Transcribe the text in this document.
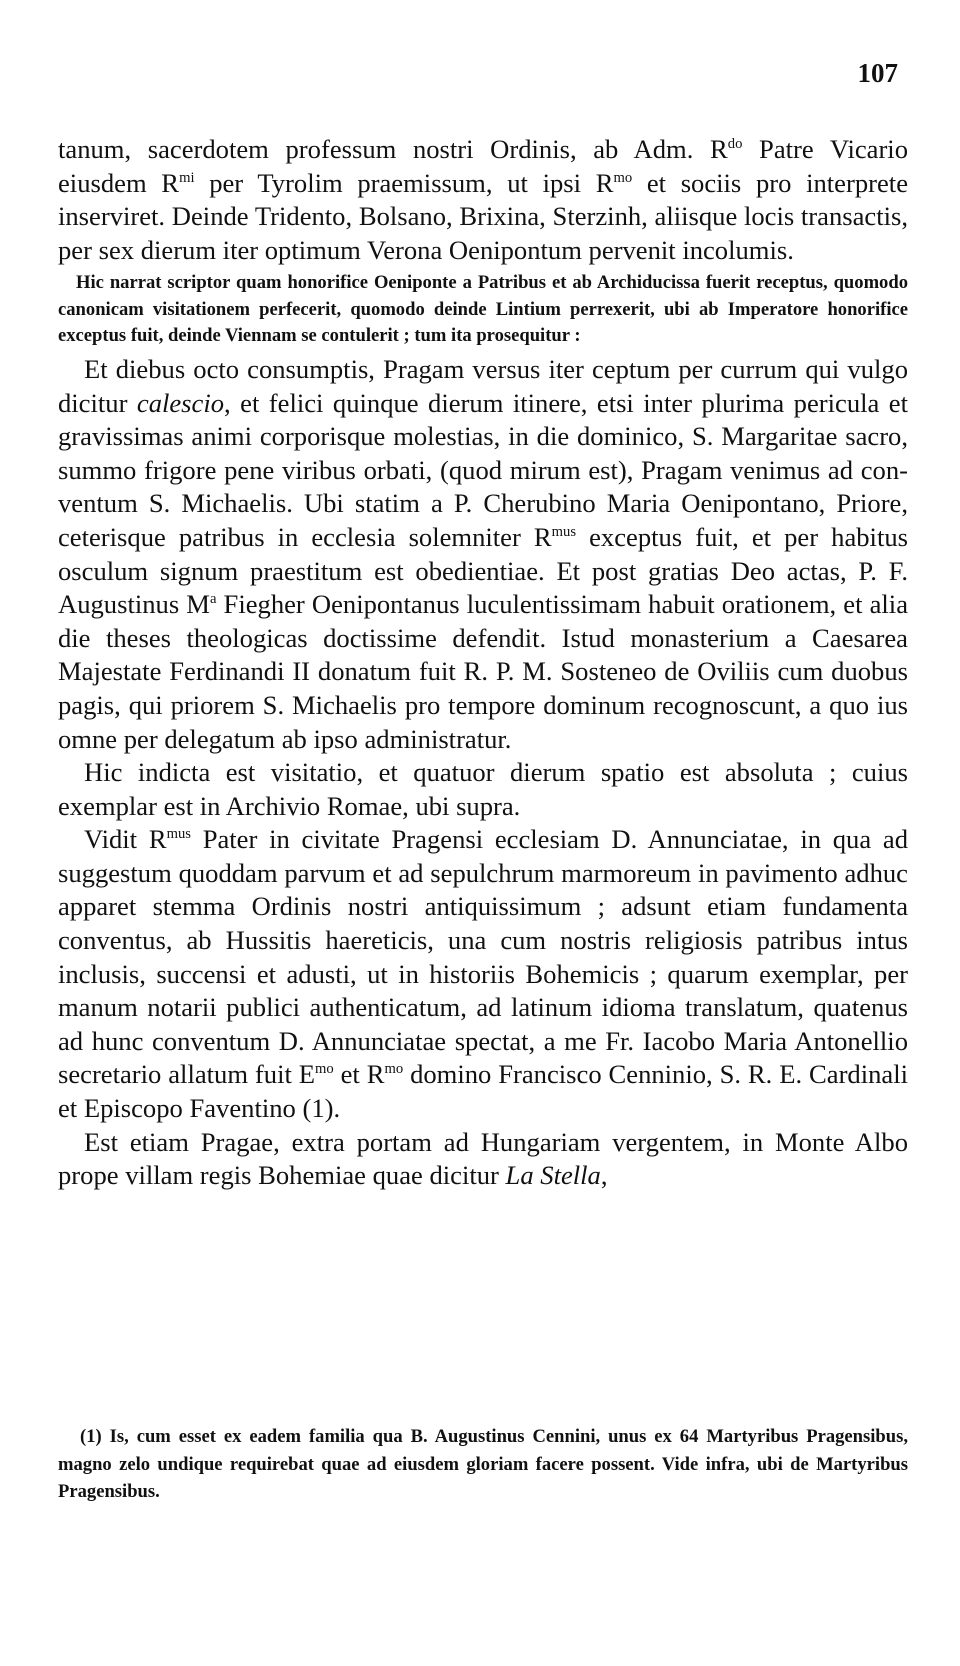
107

tanum, sacerdotem professum nostri Ordinis, ab Adm. $R^{do}$ Patre Vicario eiusdem $R^{mi}$ per Tyrolim praemissum, ut ipsi $R^{mo}$ et sociis pro interprete inserviret. Deinde Tridento, Bolsano, Brixina, Sterzinh, aliisque locis transactis, per sex dierum iter optimum Verona Oenipontum pervenit incolumis.

Hic narrat scriptor quam honorifice Oeniponte a Patribus et ab Archiducissa fuerit receptus, quomodo canonicam visitationem perfecerit, quomodo deinde Lintium perrexerit, ubi ab Imperatore honorifice exceptus fuit, deinde Viennam se contulerit ; tum ita prosequitur :

Et diebus octo consumptis, Pragam versus iter ceptum per currum qui vulgo dicitur calescio, et felici quinque dierum itinere, etsi inter plurima pericula et gravissimas animi corporisque molestias, in die dominico, S. Margaritae sacro, summo frigore pene viribus orbati, (quod mirum est), Pragam venimus ad conventum S. Michaelis. Ubi statim a P. Cherubino Maria Oenipontano, Priore, ceterisque patribus in ecclesia solemniter $R^{mus}$ exceptus fuit, et per habitus osculum signum praestitum est obedientiae. Et post gratias Deo actas, P. F. Augustinus $M^a$ Fiegher Oenipontanus luculentissimam habuit orationem, et alia die theses theologicas doctissime defendit. Istud monasterium a Caesarea Majestate Ferdinandi II donatum fuit R. P. M. Sosteneo de Oviliis cum duobus pagis, qui priorem S. Michaelis pro tempore dominum recognoscunt, a quo ius omne per delegatum ab ipso administratur.

Hic indicta est visitatio, et quatuor dierum spatio est absoluta ; cuius exemplar est in Archivio Romae, ubi supra.

Vidit $R^{mus}$ Pater in civitate Pragensi ecclesiam D. Annunciatae, in qua ad suggestum quoddam parvum et ad sepulchrum marmoreum in pavimento adhuc apparet stemma Ordinis nostri antiquissimum ; adsunt etiam fundamenta conventus, ab Hussitis haereticis, una cum nostris religiosis patribus intus inclusis, succensi et adusti, ut in historiis Bohemicis ; quarum exemplar, per manum notarii publici authenticatum, ad latinum idioma translatum, quatenus ad hunc conventum D. Annunciatae spectat, a me Fr. Iacobo Maria Antonellio secretario allatum fuit $E^{mo}$ et $R^{mo}$ domino Francisco Cenninio, S. R. E. Cardinali et Episcopo Faventino (1).

Est etiam Pragae, extra portam ad Hungariam vergentem, in Monte Albo prope villam regis Bohemiae quae dicitur La Stella,

(1) Is, cum esset ex eadem familia qua B. Augustinus Cennini, unus ex 64 Martyribus Pragensibus, magno zelo undique requirebat quae ad eiusdem gloriam facere possent. Vide infra, ubi de Martyribus Pragensibus.
